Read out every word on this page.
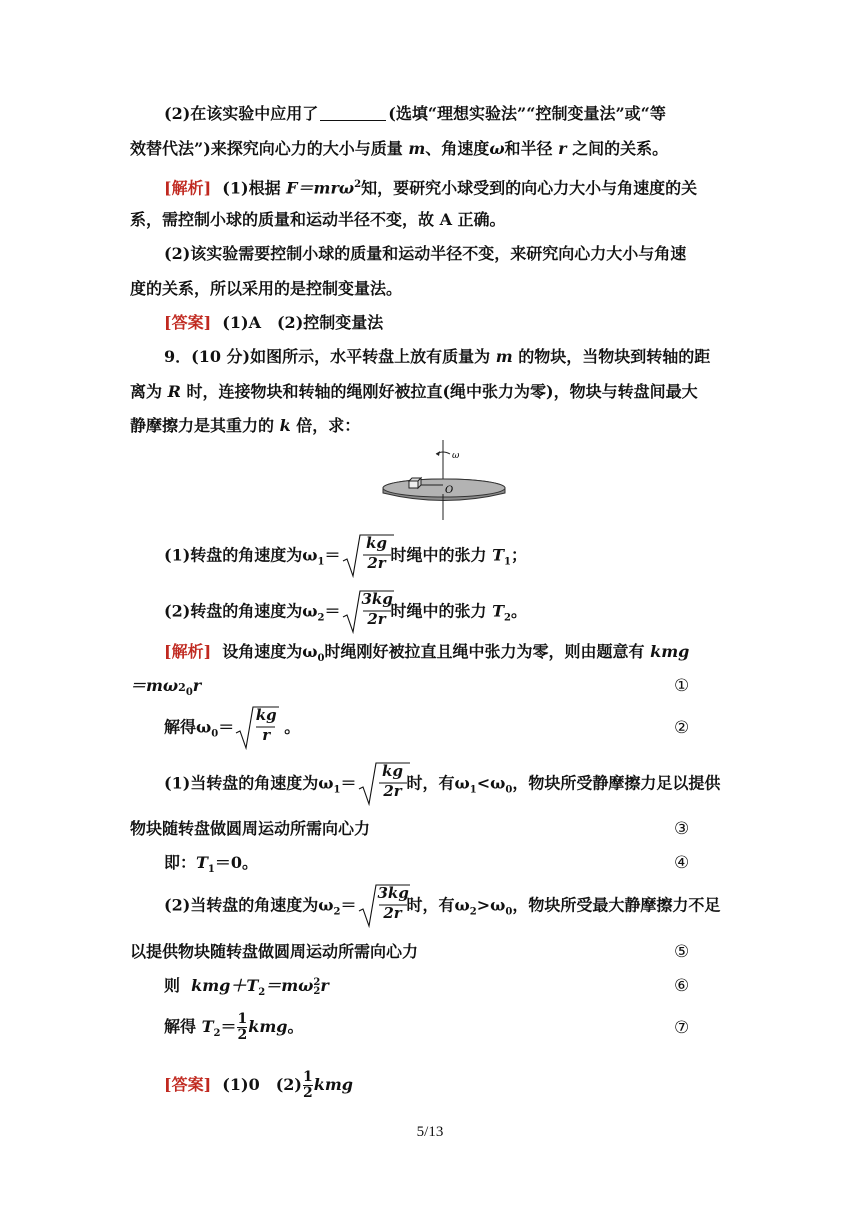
(2)在该实验中应用了	(选填“理想实验法”“控制变量法”或“等
效替代法”)来探究向心力的大小与质量 m、角速度ω和半径 r 之间的关系。
[解析] (1)根据 F＝mrω$^2$知，要研究小球受到的向心力大小与角速度的关
系，需控制小球的质量和运动半径不变，故 A 正确。
(2)该实验需要控制小球的质量和运动半径不变，来研究向心力大小与角速
度的关系，所以采用的是控制变量法。
[答案] (1)A　(2)控制变量法
9．(10 分)如图所示，水平转盘上放有质量为 m 的物块，当物块到转轴的距
离为 R 时，连接物块和转轴的绳刚好被拉直(绳中张力为零)，物块与转盘间最大
静摩擦力是其重力的 k 倍，求：
ω
O
(1)转盘的角速度为$\omega_1=$
kg
2r 时绳中的张力 $T_1$；
(2)转盘的角速度为$\omega_2=$
3kg
2r 时绳中的张力 $T_2$。
[解析] 设角速度为$\omega_0$时绳刚好被拉直且绳中张力为零，则由题意有 kmg
$=m\omega 2_0r$	①
解得$\omega_0=$
kg
r 。	②
(1)当转盘的角速度为$\omega_1=$
kg
2r 时，有$\omega_1<\omega_0$，物块所受静摩擦力足以提供
物块随转盘做圆周运动所需向心力	③
即：$T_1=0$。	④
(2)当转盘的角速度为$\omega_2=$
3kg
2r 时，有$\omega_2>\omega_0$，物块所受最大静摩擦力不足
以提供物块随转盘做圆周运动所需向心力	⑤
则 $kmg+T_2=m\omega$ 2
2 r	⑥
解得 $T_2= \frac{1}{2}$ kmg。	⑦
[答案] (1)0　$(2) \frac{1}{2}$ kmg
5/13
